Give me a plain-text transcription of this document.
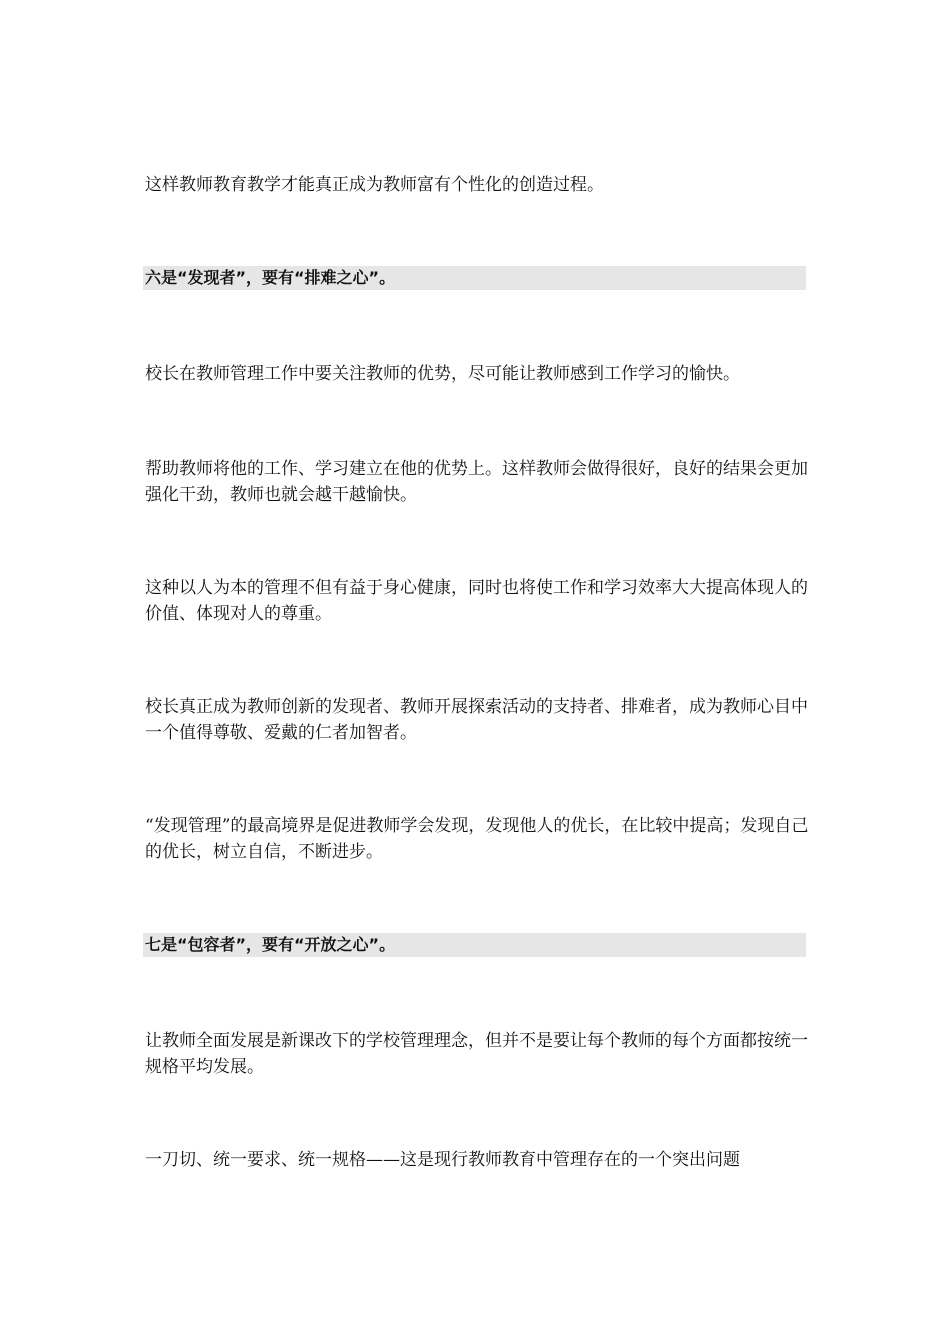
这样教师教育教学才能真正成为教师富有个性化的创造过程。

六是“发现者”，要有“排难之心”。

校长在教师管理工作中要关注教师的优势，尽可能让教师感到工作学习的愉快。

帮助教师将他的工作、学习建立在他的优势上。这样教师会做得很好，良好的结果会更加强化干劲，教师也就会越干越愉快。

这种以人为本的管理不但有益于身心健康，同时也将使工作和学习效率大大提高体现人的价值、体现对人的尊重。

校长真正成为教师创新的发现者、教师开展探索活动的支持者、排难者，成为教师心目中一个值得尊敬、爱戴的仁者加智者。

“发现管理”的最高境界是促进教师学会发现，发现他人的优长，在比较中提高；发现自己的优长，树立自信，不断进步。

七是“包容者”，要有“开放之心”。

让教师全面发展是新课改下的学校管理理念，但并不是要让每个教师的每个方面都按统一规格平均发展。

一刀切、统一要求、统一规格——这是现行教师教育中管理存在的一个突出问题
